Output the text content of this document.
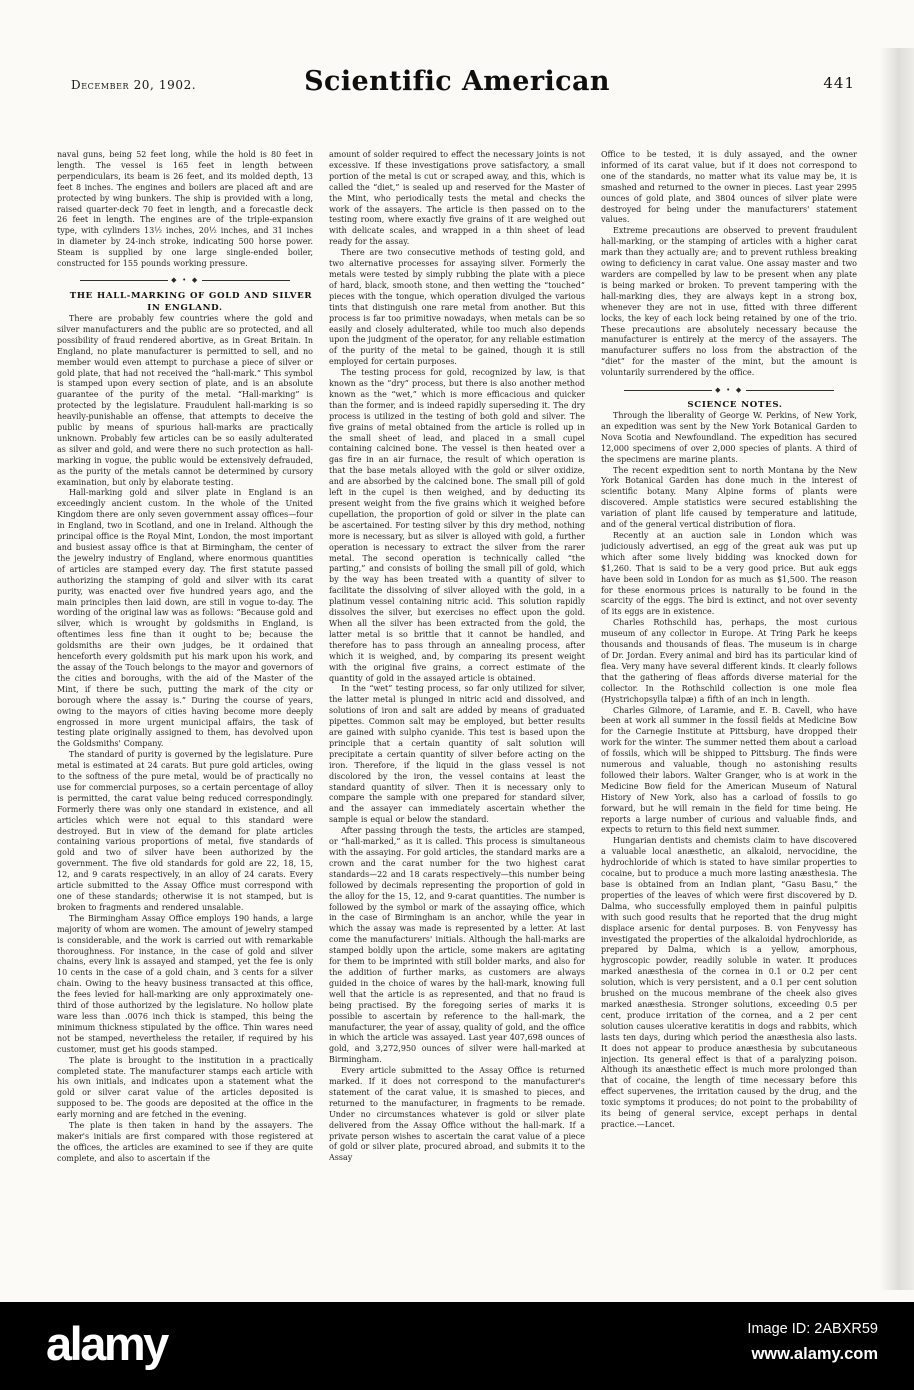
December 20, 1902.	Scientific American	441

naval guns, being 52 feet long, while the hold is 80 feet in length. The vessel is 165 feet in length between perpendiculars, its beam is 26 feet, and its molded depth, 13 feet 8 inches. The engines and boilers are placed aft and are protected by wing bunkers. The ship is provided with a long, raised quarter-deck 70 feet in length, and a forecastle deck 26 feet in length. The engines are of the triple-expansion type, with cylinders 13½ inches, 20½ inches, and 31 inches in diameter by 24-inch stroke, indicating 500 horse power. Steam is supplied by one large single-ended boiler, constructed for 155 pounds working pressure.

◆ • ◆

THE HALL-MARKING OF GOLD AND SILVER IN ENGLAND.

There are probably few countries where the gold and silver manufacturers and the public are so protected, and all possibility of fraud rendered abortive, as in Great Britain. In England, no plate manufacturer is permitted to sell, and no member would even attempt to purchase a piece of silver or gold plate, that had not received the “hall-mark.” This symbol is stamped upon every section of plate, and is an absolute guarantee of the purity of the metal. “Hall-marking” is protected by the legislature. Fraudulent hall-marking is so heavily-punishable an offense, that attempts to deceive the public by means of spurious hall-marks are practically unknown. Probably few articles can be so easily adulterated as silver and gold, and were there no such protection as hall-marking in vogue, the public would be extensively defrauded, as the purity of the metals cannot be determined by cursory examination, but only by elaborate testing.

Hall-marking gold and silver plate in England is an exceedingly ancient custom. In the whole of the United Kingdom there are only seven government assay offices—four in England, two in Scotland, and one in Ireland. Although the principal office is the Royal Mint, London, the most important and busiest assay office is that at Birmingham, the center of the jewelry industry of England, where enormous quantities of articles are stamped every day. The first statute passed authorizing the stamping of gold and silver with its carat purity, was enacted over five hundred years ago, and the main principles then laid down, are still in vogue to-day. The wording of the original law was as follows: “Because gold and silver, which is wrought by goldsmiths in England, is oftentimes less fine than it ought to be; because the goldsmiths are their own judges, be it ordained that henceforth every goldsmith put his mark upon his work, and the assay of the Touch belongs to the mayor and governors of the cities and boroughs, with the aid of the Master of the Mint, if there be such, putting the mark of the city or borough where the assay is.” During the course of years, owing to the mayors of cities having become more deeply engrossed in more urgent municipal affairs, the task of testing plate originally assigned to them, has devolved upon the Goldsmiths' Company.

The standard of purity is governed by the legislature. Pure metal is estimated at 24 carats. But pure gold articles, owing to the softness of the pure metal, would be of practically no use for commercial purposes, so a certain percentage of alloy is permitted, the carat value being reduced correspondingly. Formerly there was only one standard in existence, and all articles which were not equal to this standard were destroyed. But in view of the demand for plate articles containing various proportions of metal, five standards of gold and two of silver have been authorized by the government. The five old standards for gold are 22, 18, 15, 12, and 9 carats respectively, in an alloy of 24 carats. Every article submitted to the Assay Office must correspond with one of these standards; otherwise it is not stamped, but is broken to fragments and rendered unsalable.

The Birmingham Assay Office employs 190 hands, a large majority of whom are women. The amount of jewelry stamped is considerable, and the work is carried out with remarkable thoroughness. For instance, in the case of gold and silver chains, every link is assayed and stamped, yet the fee is only 10 cents in the case of a gold chain, and 3 cents for a silver chain. Owing to the heavy business transacted at this office, the fees levied for hall-marking are only approximately one-third of those authorized by the legislature. No hollow plate ware less than .0076 inch thick is stamped, this being the minimum thickness stipulated by the office. Thin wares need not be stamped, nevertheless the retailer, if required by his customer, must get his goods stamped.

The plate is brought to the institution in a practically completed state. The manufacturer stamps each article with his own initials, and indicates upon a statement what the gold or silver carat value of the articles deposited is supposed to be. The goods are deposited at the office in the early morning and are fetched in the evening.

The plate is then taken in hand by the assayers. The maker's initials are first compared with those registered at the offices, the articles are examined to see if they are quite complete, and also to ascertain if the

amount of solder required to effect the necessary joints is not excessive. If these investigations prove satisfactory, a small portion of the metal is cut or scraped away, and this, which is called the “diet,” is sealed up and reserved for the Master of the Mint, who periodically tests the metal and checks the work of the assayers. The article is then passed on to the testing room, where exactly five grains of it are weighed out with delicate scales, and wrapped in a thin sheet of lead ready for the assay.

There are two consecutive methods of testing gold, and two alternative processes for assaying silver. Formerly the metals were tested by simply rubbing the plate with a piece of hard, black, smooth stone, and then wetting the “touched” pieces with the tongue, which operation divulged the various tints that distinguish one rare metal from another. But this process is far too primitive nowadays, when metals can be so easily and closely adulterated, while too much also depends upon the judgment of the operator, for any reliable estimation of the purity of the metal to be gained, though it is still employed for certain purposes.

The testing process for gold, recognized by law, is that known as the “dry” process, but there is also another method known as the “wet,” which is more efficacious and quicker than the former, and is indeed rapidly superseding it. The dry process is utilized in the testing of both gold and silver. The five grains of metal obtained from the article is rolled up in the small sheet of lead, and placed in a small cupel containing calcined bone. The vessel is then heated over a gas fire in an air furnace, the result of which operation is that the base metals alloyed with the gold or silver oxidize, and are absorbed by the calcined bone. The small pill of gold left in the cupel is then weighed, and by deducting its present weight from the five grains which it weighed before cupellation, the proportion of gold or silver in the plate can be ascertained. For testing silver by this dry method, nothing more is necessary, but as silver is alloyed with gold, a further operation is necessary to extract the silver from the rarer metal. The second operation is technically called “the parting,” and consists of boiling the small pill of gold, which by the way has been treated with a quantity of silver to facilitate the dissolving of silver alloyed with the gold, in a platinum vessel containing nitric acid. This solution rapidly dissolves the silver, but exercises no effect upon the gold. When all the silver has been extracted from the gold, the latter metal is so brittle that it cannot be handled, and therefore has to pass through an annealing process, after which it is weighed, and, by comparing its present weight with the original five grains, a correct estimate of the quantity of gold in the assayed article is obtained.

In the “wet” testing process, so far only utilized for silver, the latter metal is plunged in nitric acid and dissolved, and solutions of iron and salt are added by means of graduated pipettes. Common salt may be employed, but better results are gained with sulpho cyanide. This test is based upon the principle that a certain quantity of salt solution will precipitate a certain quantity of silver before acting on the iron. Therefore, if the liquid in the glass vessel is not discolored by the iron, the vessel contains at least the standard quantity of silver. Then it is necessary only to compare the sample with one prepared for standard silver, and the assayer can immediately ascertain whether the sample is equal or below the standard.

After passing through the tests, the articles are stamped, or “hall-marked,” as it is called. This process is simultaneous with the assaying. For gold articles, the standard marks are a crown and the carat number for the two highest carat standards—22 and 18 carats respectively—this number being followed by decimals representing the proportion of gold in the alloy for the 15, 12, and 9-carat quantities. The number is followed by the symbol or mark of the assaying office, which in the case of Birmingham is an anchor, while the year in which the assay was made is represented by a letter. At last come the manufacturers' initials. Although the hall-marks are stamped boldly upon the article, some makers are agitating for them to be imprinted with still bolder marks, and also for the addition of further marks, as customers are always guided in the choice of wares by the hall-mark, knowing full well that the article is as represented, and that no fraud is being practised. By the foregoing series of marks it is possible to ascertain by reference to the hall-mark, the manufacturer, the year of assay, quality of gold, and the office in which the article was assayed. Last year 407,698 ounces of gold, and 3,272,950 ounces of silver were hall-marked at Birmingham.

Every article submitted to the Assay Office is returned marked. If it does not correspond to the manufacturer's statement of the carat value, it is smashed to pieces, and returned to the manufacturer, in fragments to be remade. Under no circumstances whatever is gold or silver plate delivered from the Assay Office without the hall-mark. If a private person wishes to ascertain the carat value of a piece of gold or silver plate, procured abroad, and submits it to the Assay

Office to be tested, it is duly assayed, and the owner informed of its carat value, but if it does not correspond to one of the standards, no matter what its value may be, it is smashed and returned to the owner in pieces. Last year 2995 ounces of gold plate, and 3804 ounces of silver plate were destroyed for being under the manufacturers' statement values.

Extreme precautions are observed to prevent fraudulent hall-marking, or the stamping of articles with a higher carat mark than they actually are; and to prevent ruthless breaking owing to deficiency in carat value. One assay master and two warders are compelled by law to be present when any plate is being marked or broken. To prevent tampering with the hall-marking dies, they are always kept in a strong box, whenever they are not in use, fitted with three different locks, the key of each lock being retained by one of the trio. These precautions are absolutely necessary because the manufacturer is entirely at the mercy of the assayers. The manufacturer suffers no loss from the abstraction of the “diet” for the master of the mint, but the amount is voluntarily surrendered by the office.

◆ • ◆

SCIENCE NOTES.

Through the liberality of George W. Perkins, of New York, an expedition was sent by the New York Botanical Garden to Nova Scotia and Newfoundland. The expedition has secured 12,000 specimens of over 2,000 species of plants. A third of the specimens are marine plants.

The recent expedition sent to north Montana by the New York Botanical Garden has done much in the interest of scientific botany. Many Alpine forms of plants were discovered. Ample statistics were secured establishing the variation of plant life caused by temperature and latitude, and of the general vertical distribution of flora.

Recently at an auction sale in London which was judiciously advertised, an egg of the great auk was put up which after some lively bidding was knocked down for $1,260. That is said to be a very good price. But auk eggs have been sold in London for as much as $1,500. The reason for these enormous prices is naturally to be found in the scarcity of the eggs. The bird is extinct, and not over seventy of its eggs are in existence.

Charles Rothschild has, perhaps, the most curious museum of any collector in Europe. At Tring Park he keeps thousands and thousands of fleas. The museum is in charge of Dr. Jordan. Every animal and bird has its particular kind of flea. Very many have several different kinds. It clearly follows that the gathering of fleas affords diverse material for the collector. In the Rothschild collection is one mole flea (Hystrichopsylla talpæ) a fifth of an inch in length.

Charles Gilmore, of Laramie, and E. B. Cavell, who have been at work all summer in the fossil fields at Medicine Bow for the Carnegie Institute at Pittsburg, have dropped their work for the winter. The summer netted them about a carload of fossils, which will be shipped to Pittsburg. The finds were numerous and valuable, though no astonishing results followed their labors. Walter Granger, who is at work in the Medicine Bow field for the American Museum of Natural History of New York, also has a carload of fossils to go forward, but he will remain in the field for time being. He reports a large number of curious and valuable finds, and expects to return to this field next summer.

Hungarian dentists and chemists claim to have discovered a valuable local anæsthetic, an alkaloid, nervocidine, the hydrochloride of which is stated to have similar properties to cocaine, but to produce a much more lasting anæsthesia. The base is obtained from an Indian plant, “Gasu Basu,” the properties of the leaves of which were first discovered by D. Dalma, who successfully employed them in painful pulpitis with such good results that he reported that the drug might displace arsenic for dental purposes. B. von Fenyvessy has investigated the properties of the alkaloidal hydrochloride, as prepared by Dalma, which is a yellow, amorphous, hygroscopic powder, readily soluble in water. It produces marked anæsthesia of the cornea in 0.1 or 0.2 per cent solution, which is very persistent, and a 0.1 per cent solution brushed on the mucous membrane of the cheek also gives marked anæsthesia. Stronger solutions, exceeding 0.5 per cent, produce irritation of the cornea, and a 2 per cent solution causes ulcerative keratitis in dogs and rabbits, which lasts ten days, during which period the anæsthesia also lasts. It does not appear to produce anæsthesia by subcutaneous injection. Its general effect is that of a paralyzing poison. Although its anæsthetic effect is much more prolonged than that of cocaine, the length of time necessary before this effect supervenes, the irritation caused by the drug, and the toxic symptoms it produces; do not point to the probability of its being of general service, except perhaps in dental practice.—Lancet.

alamy	Image ID: 2ABXR59
www.alamy.com
